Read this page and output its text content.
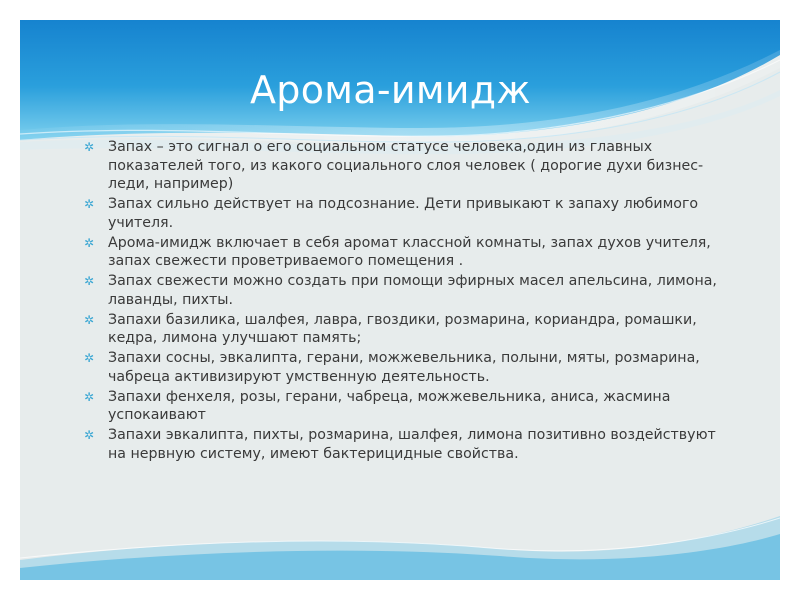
Арома-имидж
✲ Запах – это сигнал о его социальном статусе человека,один из главных показателей того, из какого социального слоя человек ( дорогие духи бизнес-леди, например)
✲ Запах сильно действует на подсознание. Дети привыкают к запаху любимого учителя.
✲ Арома-имидж включает в себя аромат классной комнаты, запах духов учителя, запах свежести проветриваемого помещения .
✲ Запах свежести можно создать при помощи эфирных масел апельсина, лимона, лаванды, пихты.
✲ Запахи базилика, шалфея, лавра, гвоздики, розмарина, кориандра, ромашки, кедра, лимона улучшают память;
✲ Запахи сосны, эвкалипта, герани, можжевельника, полыни, мяты, розмарина, чабреца активизируют умственную деятельность.
✲ Запахи фенхеля, розы, герани, чабреца, можжевельника, аниса, жасмина успокаивают
✲ Запахи эвкалипта, пихты, розмарина, шалфея, лимона позитивно воздействуют на нервную систему, имеют бактерицидные свойства.
